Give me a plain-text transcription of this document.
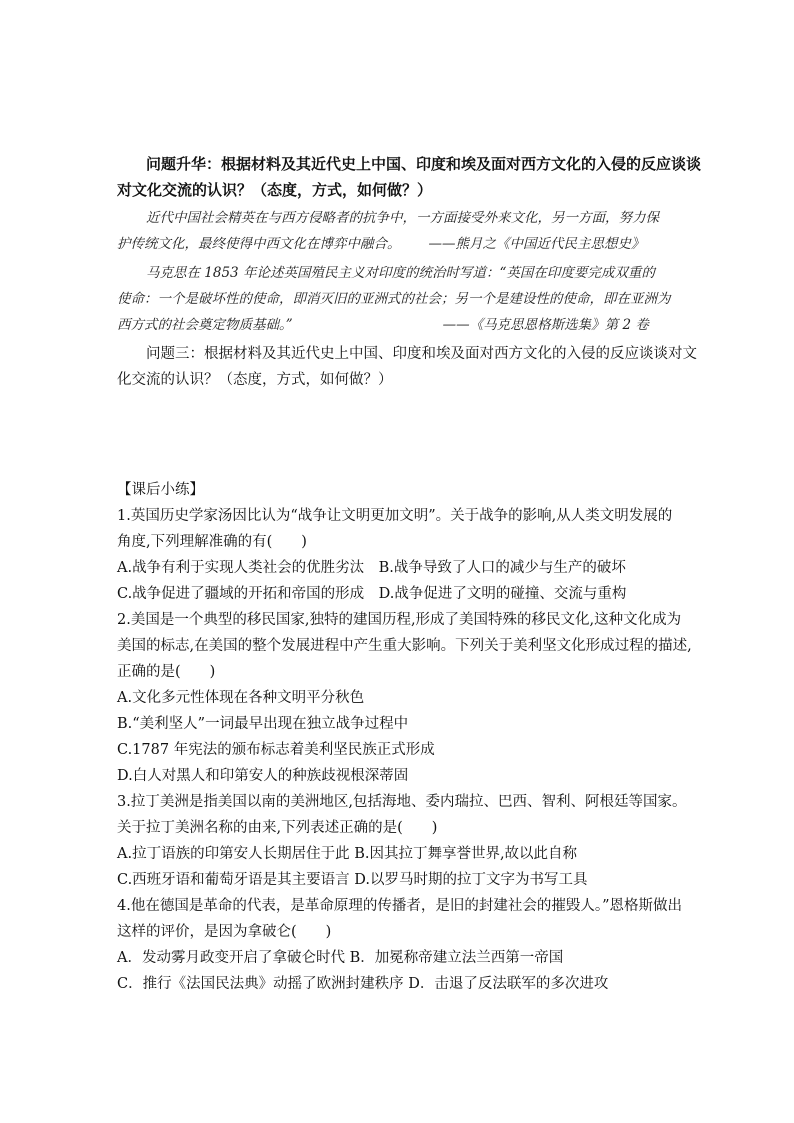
问题升华：根据材料及其近代史上中国、印度和埃及面对西方文化的入侵的反应谈谈
对文化交流的认识？（态度，方式，如何做？）
近代中国社会精英在与西方侵略者的抗争中，一方面接受外来文化，另一方面，努力保
护传统文化，最终使得中西文化在博弈中融合。 ——熊月之《中国近代民主思想史》
马克思在 1853 年论述英国殖民主义对印度的统治时写道：“英国在印度要完成双重的
使命：一个是破坏性的使命，即消灭旧的亚洲式的社会；另一个是建设性的使命，即在亚洲为
西方式的社会奠定物质基础。”	——《马克思恩格斯选集》第 2 卷
问题三：根据材料及其近代史上中国、印度和埃及面对西方文化的入侵的反应谈谈对文
化交流的认识？（态度，方式，如何做？）
【课后小练】
1.英国历史学家汤因比认为“战争让文明更加文明”。关于战争的影响,从人类文明发展的
角度,下列理解准确的有(　　)
A.战争有利于实现人类社会的优胜劣汰　B.战争导致了人口的减少与生产的破坏
C.战争促进了疆域的开拓和帝国的形成　D.战争促进了文明的碰撞、交流与重构
2.美国是一个典型的移民国家,独特的建国历程,形成了美国特殊的移民文化,这种文化成为
美国的标志,在美国的整个发展进程中产生重大影响。下列关于美利坚文化形成过程的描述,
正确的是(　　)
A.文化多元性体现在各种文明平分秋色
B.“美利坚人”一词最早出现在独立战争过程中
C.1787 年宪法的颁布标志着美利坚民族正式形成
D.白人对黑人和印第安人的种族歧视根深蒂固
3.拉丁美洲是指美国以南的美洲地区,包括海地、委内瑞拉、巴西、智利、阿根廷等国家。
关于拉丁美洲名称的由来,下列表述正确的是(　　)
A.拉丁语族的印第安人长期居住于此 B.因其拉丁舞享誉世界,故以此自称
C.西班牙语和葡萄牙语是其主要语言 D.以罗马时期的拉丁文字为书写工具
4.他在德国是革命的代表，是革命原理的传播者，是旧的封建社会的摧毁人。”恩格斯做出
这样的评价，是因为拿破仑(　　)
A．发动雾月政变开启了拿破仑时代 B．加冕称帝建立法兰西第一帝国
C．推行《法国民法典》动摇了欧洲封建秩序 D．击退了反法联军的多次进攻
